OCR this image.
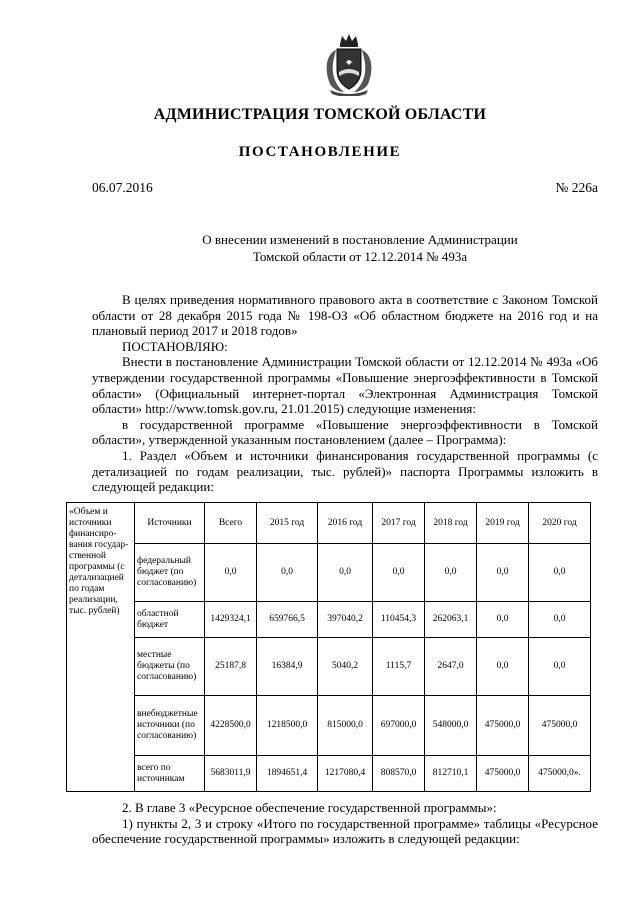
АДМИНИСТРАЦИЯ ТОМСКОЙ ОБЛАСТИ
ПОСТАНОВЛЕНИЕ
06.07.2016	№ 226а
О внесении изменений в постановление Администрации
Томской области от 12.12.2014 № 493а

В целях приведения нормативного правового акта в соответствие с Законом Томской области от 28 декабря 2015 года № 198-ОЗ «Об областном бюджете на 2016 год и на плановый период 2017 и 2018 годов»

ПОСТАНОВЛЯЮ:

Внести в постановление Администрации Томской области от 12.12.2014 № 493а «Об утверждении государственной программы «Повышение энергоэффективности в Томской области» (Официальный интернет-портал «Электронная Администрация Томской области» http://www.tomsk.gov.ru, 21.01.2015) следующие изменения:

в государственной программе «Повышение энергоэффективности в Томской области», утвержденной указанным постановлением (далее – Программа):

1. Раздел «Объем и источники финансирования государственной программы (с детализацией по годам реализации, тыс. рублей)» паспорта Программы изложить в следующей редакции:

«Объем и источники финансиро-вания государ-ственной программы (с детализацией по годам реализации, тыс. рублей)	Источники	Всего	2015 год	2016 год	2017 год	2018 год	2019 год	2020 год
	федеральный бюджет (по согласованию)	0,0	0,0	0,0	0,0	0,0	0,0	0,0
	областной бюджет	1429324,1	659766,5	397040,2	110454,3	262063,1	0,0	0,0
	местные бюджеты (по согласованию)	25187,8	16384,9	5040,2	1115,7	2647,0	0,0	0,0
	внебюджетные источники (по согласованию)	4228500,0	1218500,0	815000,0	697000,0	548000,0	475000,0	475000,0
	всего по источникам	5683011,9	1894651,4	1217080,4	808570,0	812710,1	475000,0	475000,0».

2. В главе 3 «Ресурсное обеспечение государственной программы»:

1) пункты 2, 3 и строку «Итого по государственной программе» таблицы «Ресурсное обеспечение государственной программы» изложить в следующей редакции:
